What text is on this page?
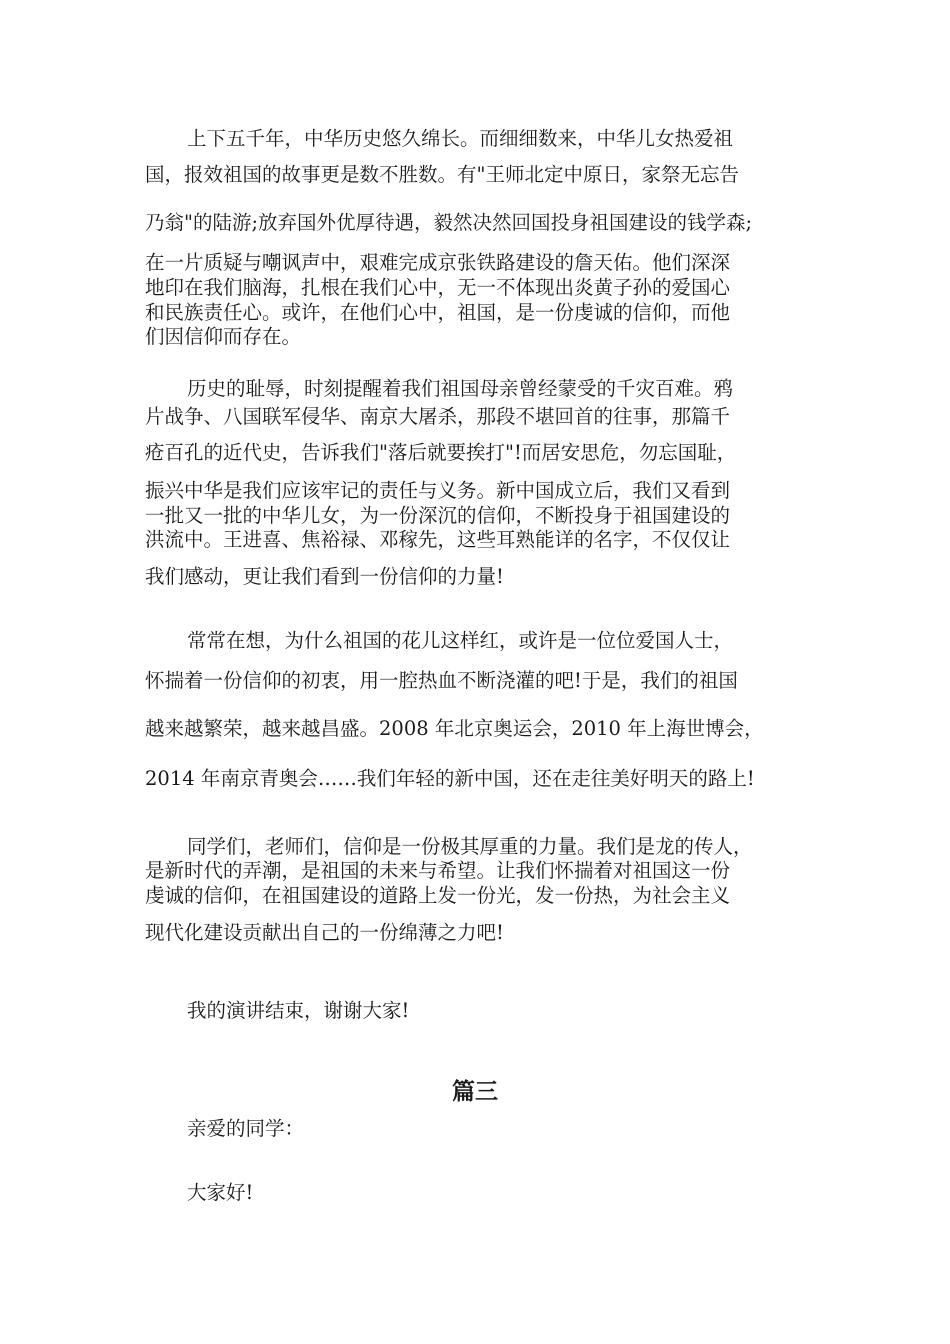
上下五千年，中华历史悠久绵长。而细细数来，中华儿女热爱祖
国，报效祖国的故事更是数不胜数。有"王师北定中原日，家祭无忘告
乃翁"的陆游;放弃国外优厚待遇，毅然决然回国投身祖国建设的钱学森;
在一片质疑与嘲讽声中，艰难完成京张铁路建设的詹天佑。他们深深
地印在我们脑海，扎根在我们心中，无一不体现出炎黄子孙的爱国心
和民族责任心。或许，在他们心中，祖国，是一份虔诚的信仰，而他
们因信仰而存在。
历史的耻辱，时刻提醒着我们祖国母亲曾经蒙受的千灾百难。鸦
片战争、八国联军侵华、南京大屠杀，那段不堪回首的往事，那篇千
疮百孔的近代史，告诉我们"落后就要挨打"!而居安思危，勿忘国耻，
振兴中华是我们应该牢记的责任与义务。新中国成立后，我们又看到
一批又一批的中华儿女，为一份深沉的信仰，不断投身于祖国建设的
洪流中。王进喜、焦裕禄、邓稼先，这些耳熟能详的名字，不仅仅让
我们感动，更让我们看到一份信仰的力量!
常常在想，为什么祖国的花儿这样红，或许是一位位爱国人士，
怀揣着一份信仰的初衷，用一腔热血不断浇灌的吧!于是，我们的祖国
越来越繁荣，越来越昌盛。2008 年北京奥运会，2010 年上海世博会，
2014 年南京青奥会……我们年轻的新中国，还在走往美好明天的路上!
同学们，老师们，信仰是一份极其厚重的力量。我们是龙的传人，
是新时代的弄潮，是祖国的未来与希望。让我们怀揣着对祖国这一份
虔诚的信仰，在祖国建设的道路上发一份光，发一份热，为社会主义
现代化建设贡献出自己的一份绵薄之力吧!
我的演讲结束，谢谢大家!
篇三
亲爱的同学：
大家好!
